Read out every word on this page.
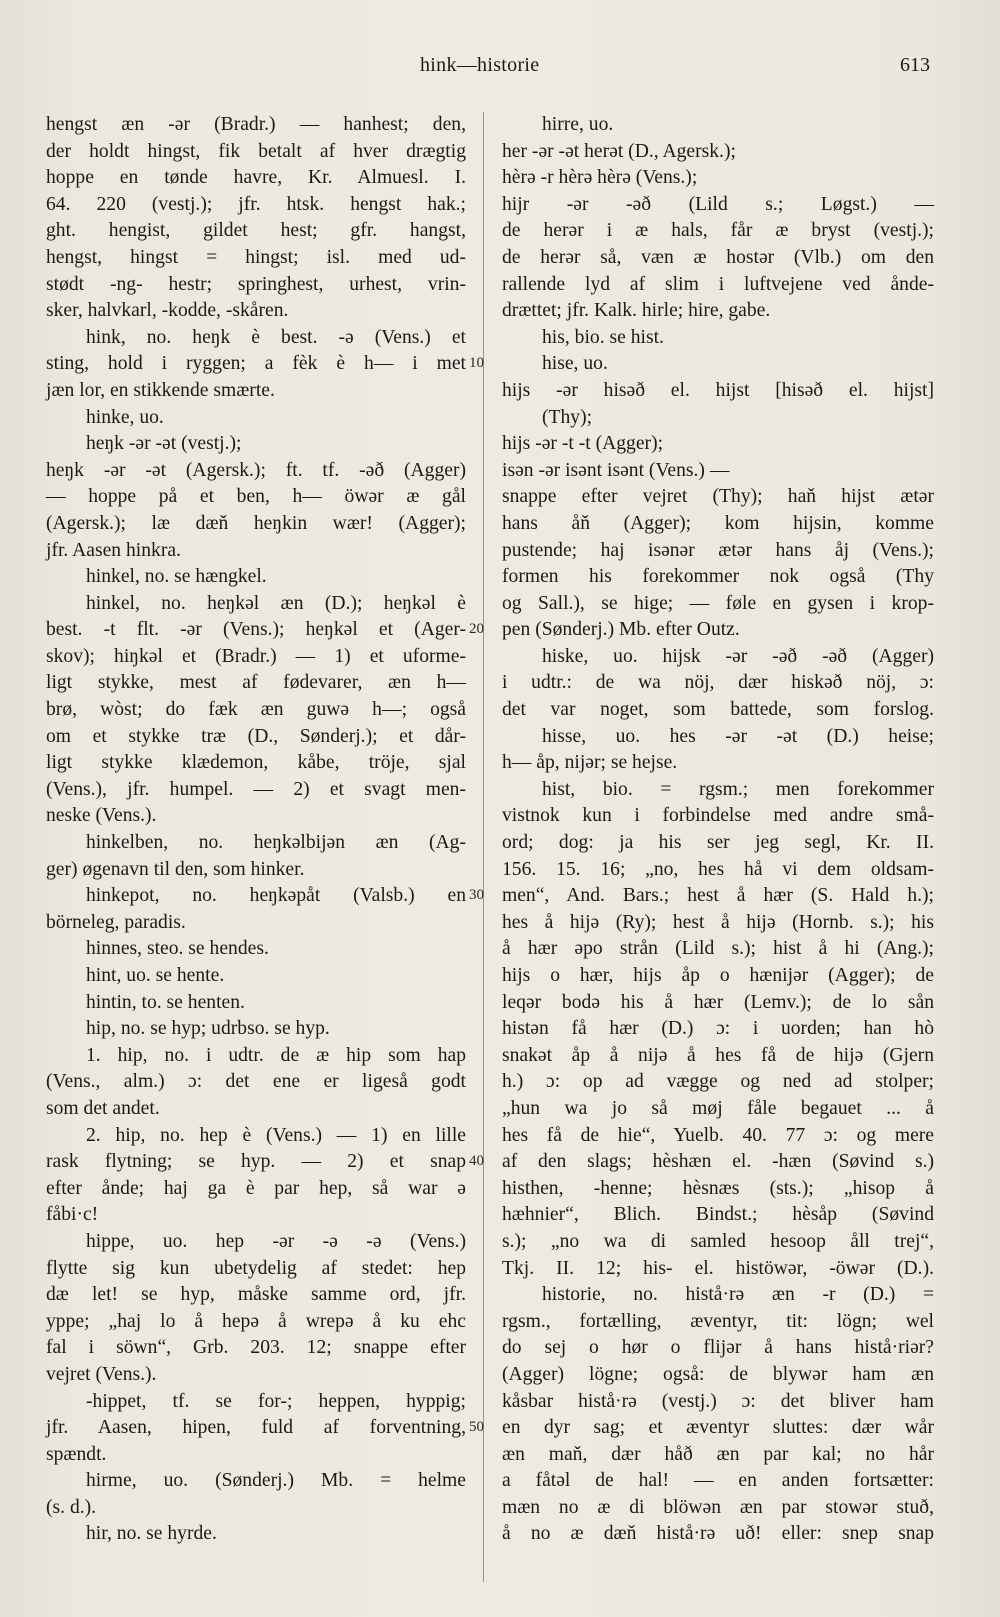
hink—historie	613
hengst æn -ər (Bradr.) — hanhest; den,
der holdt hingst, fik betalt af hver drægtig
hoppe en tønde havre, Kr. Almuesl. I.
64. 220 (vestj.); jfr. htsk. hengst hak.;
ght. hengist, gildet hest; gfr. hangst,
hengst, hingst = hingst; isl. med ud-
stødt -ng- hestr; springhest, urhest, vrin-
sker, halvkarl, -kodde, -skåren.
hink, no. heŋk è best. -ə (Vens.) et
sting, hold i ryggen; a fèk è h— i met
jæn lor, en stikkende smærte.
hinke, uo.
heŋk -ər -ət (vestj.);
heŋk -ər -ət (Agersk.); ft. tf. -əð (Agger)
— hoppe på et ben, h— öwər æ gål
(Agersk.); læ dæň heŋkin wær! (Agger);
jfr. Aasen hinkra.
hinkel, no. se hængkel.
hinkel, no. heŋkəl æn (D.); heŋkəl è
best. -t flt. -ər (Vens.); heŋkəl et (Ager-
skov); hiŋkəl et (Bradr.) — 1) et uforme-
ligt stykke, mest af fødevarer, æn h—
brø, wòst; do fæk æn guwə h—; også
om et stykke træ (D., Sønderj.); et dår-
ligt stykke klædemon, kåbe, tröje, sjal
(Vens.), jfr. humpel. — 2) et svagt men-
neske (Vens.).
hinkelben, no. heŋkəlbijən æn (Ag-
ger) øgenavn til den, som hinker.
hinkepot, no. heŋkəpåt (Valsb.) en
börneleg, paradis.
hinnes, steo. se hendes.
hint, uo. se hente.
hintin, to. se henten.
hip, no. se hyp; udrbso. se hyp.
1. hip, no. i udtr. de æ hip som hap
(Vens., alm.) ɔ: det ene er ligeså godt
som det andet.
2. hip, no. hep è (Vens.) — 1) en lille
rask flytning; se hyp. — 2) et snap
efter ånde; haj ga è par hep, så war ə
fåbi·c!
hippe, uo. hep -ər -ə -ə (Vens.)
flytte sig kun ubetydelig af stedet: hep
dæ let! se hyp, måske samme ord, jfr.
yppe; „haj lo å hepə å wrepə å ku ehc
fal i söwn“, Grb. 203. 12; snappe efter
vejret (Vens.).
-hippet, tf. se for-; heppen, hyppig;
jfr. Aasen, hipen, fuld af forventning,
spændt.
hirme, uo. (Sønderj.) Mb. = helme
(s. d.).
hir, no. se hyrde.
hirre, uo.
her -ər -ət herət (D., Agersk.);
hèrə -r hèrə hèrə (Vens.);
hijr -ər -əð (Lild s.; Løgst.) —
de herər i æ hals, får æ bryst (vestj.);
de herər så, væn æ hostər (Vlb.) om den
rallende lyd af slim i luftvejene ved ånde-
drættet; jfr. Kalk. hirle; hire, gabe.
his, bio. se hist.
hise, uo.
hijs -ər hisəð el. hijst [hisəð el. hijst]
(Thy);
hijs -ər -t -t (Agger);
isən -ər isənt isənt (Vens.) —
snappe efter vejret (Thy); haň hijst ætər
hans åň (Agger); kom hijsin, komme
pustende; haj isənər ætər hans åj (Vens.);
formen his forekommer nok også (Thy
og Sall.), se hige; — føle en gysen i krop-
pen (Sønderj.) Mb. efter Outz.
hiske, uo. hijsk -ər -əð -əð (Agger)
i udtr.: de wa nöj, dær hiskəð nöj, ɔ:
det var noget, som battede, som forslog.
hisse, uo. hes -ər -ət (D.) heise;
h— åp, nijər; se hejse.
hist, bio. = rgsm.; men forekommer
vistnok kun i forbindelse med andre små-
ord; dog: ja his ser jeg segl, Kr. II.
156. 15. 16; „no, hes hå vi dem oldsam-
men“, And. Bars.; hest å hær (S. Hald h.);
hes å hijə (Ry); hest å hijə (Hornb. s.); his
å hær əpo strån (Lild s.); hist å hi (Ang.);
hijs o hær, hijs åp o hænijər (Agger); de
leqər bodə his å hær (Lemv.); de lo sån
histən få hær (D.) ɔ: i uorden; han hò
snakət åp å nijə å hes få de hijə (Gjern
h.) ɔ: op ad vægge og ned ad stolper;
„hun wa jo så møj fåle begauet ... å
hes få de hie“, Yuelb. 40. 77 ɔ: og mere
af den slags; hèshæn el. -hæn (Søvind s.)
histhen, -henne; hèsnæs (sts.); „hisop å
hæhnier“, Blich. Bindst.; hèsåp (Søvind
s.); „no wa di samled hesoop åll trej“,
Tkj. II. 12; his- el. histöwər, -öwər (D.).
historie, no. histå·rə æn -r (D.) =
rgsm., fortælling, æventyr, tit: lögn; wel
do sej o hør o flijər å hans histå·riər?
(Agger) lögne; også: de blywər ham æn
kåsbar histå·rə (vestj.) ɔ: det bliver ham
en dyr sag; et æventyr sluttes: dær wår
æn maň, dær håð æn par kal; no hår
a fåtəl de hal! — en anden fortsætter:
mæn no æ di blöwən æn par stowər stuð,
å no æ dæň histå·rə uð! eller: snep snap
10
20
30
40
50
